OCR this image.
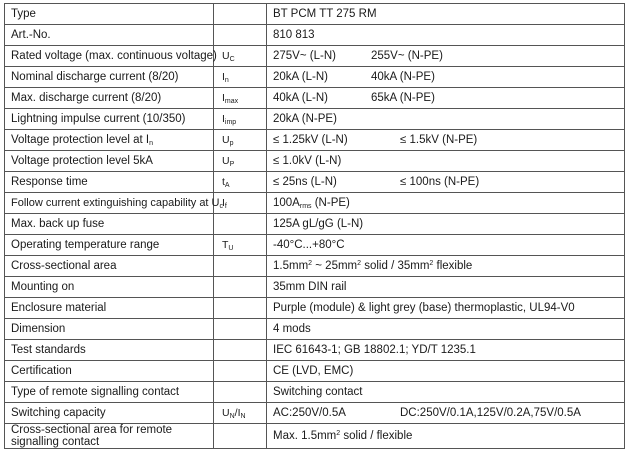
Type		BT PCM TT 275 RM
Art.-No.		810 813
Rated voltage (max. continuous voltage)	$U_C$	275V~ (L-N) 255V~ (N-PE)
Nominal discharge current (8/20)	$I_n$	20kA (L-N) 40kA (N-PE)
Max. discharge current (8/20)	$I_{max}$	40kA (L-N) 65kA (N-PE)
Lightning impulse current (10/350)	$I_{imp}$	20kA (N-PE)
Voltage protection level at $I_n$	$U_p$	≤ 1.25kV (L-N) ≤ 1.5kV (N-PE)
Voltage protection level 5kA	$U_P$	≤ 1.0kV (L-N)
Response time	$t_A$	≤ 25ns (L-N) ≤ 100ns (N-PE)
Follow current extinguishing capability at $U_c$	$I_f$	$100A_{rms}$ (N-PE)
Max. back up fuse		125A gL/gG (L-N)
Operating temperature range	$T_U$	-40°C...+80°C
Cross-sectional area		$1.5mm^2$ ~ $25mm^2$ solid / $35mm^2$ flexible
Mounting on		35mm DIN rail
Enclosure material		Purple (module) & light grey (base) thermoplastic, UL94-V0
Dimension		4 mods
Test standards		IEC 61643-1; GB 18802.1; YD/T 1235.1
Certification		CE (LVD, EMC)
Type of remote signalling contact		Switching contact
Switching capacity	$U_N/I_N$	AC:250V/0.5A DC:250V/0.1A,125V/0.2A,75V/0.5A
Cross-sectional area for remote signalling contact		Max. $1.5mm^2$ solid / flexible
